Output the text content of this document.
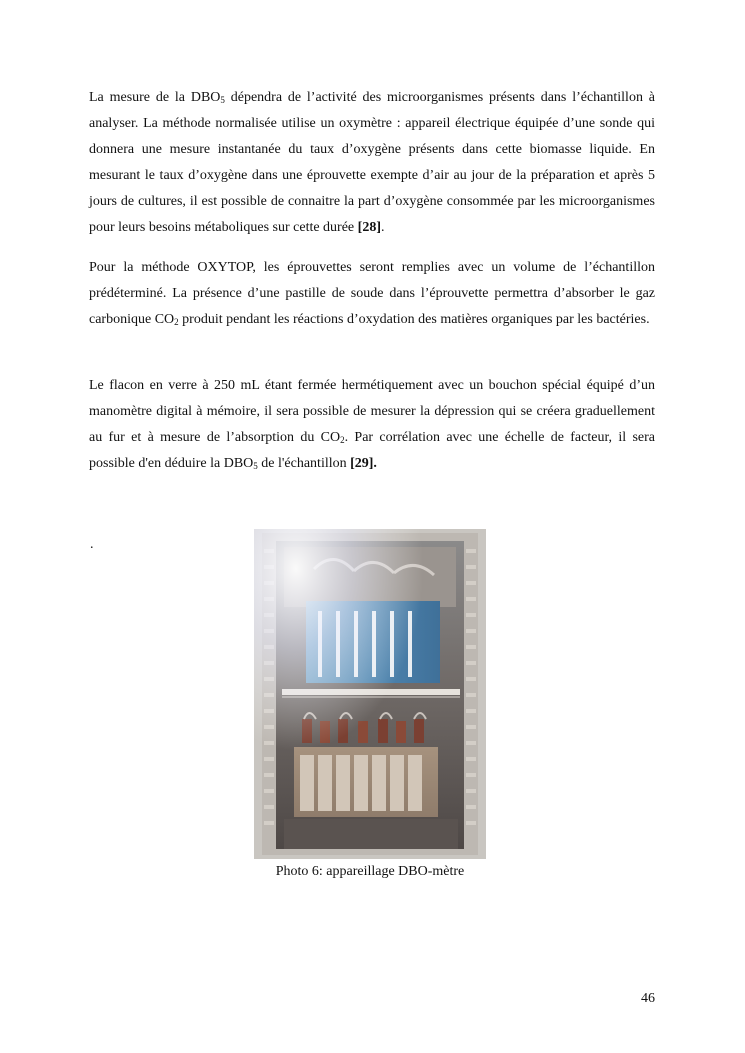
La mesure de la $DBO_5$ dépendra de l’activité des microorganismes présents dans l’échantillon à analyser. La méthode normalisée utilise un oxymètre : appareil électrique équipée d’une sonde qui donnera une mesure instantanée du taux d’oxygène présents dans cette biomasse liquide. En mesurant le taux d’oxygène dans une éprouvette exempte d’air au jour de la préparation et après 5 jours de cultures, il est possible de connaitre la part d’oxygène consommée par les microorganismes pour leurs besoins métaboliques sur cette durée [28].

Pour la méthode OXYTOP, les éprouvettes seront remplies avec un volume de l’échantillon prédéterminé. La présence d’une pastille de soude dans l’éprouvette permettra d’absorber le gaz carbonique $CO_2$ produit pendant les réactions d’oxydation des matières organiques par les bactéries.

Le flacon en verre à 250 mL étant fermée hermétiquement avec un bouchon spécial équipé d’un manomètre digital à mémoire, il sera possible de mesurer la dépression qui se créera graduellement au fur et à mesure de l’absorption du $CO_2$. Par corrélation avec une échelle de facteur, il sera possible d'en déduire la $DBO_5$ de l'échantillon [29].

.
Photo 6: appareillage DBO-mètre
46
